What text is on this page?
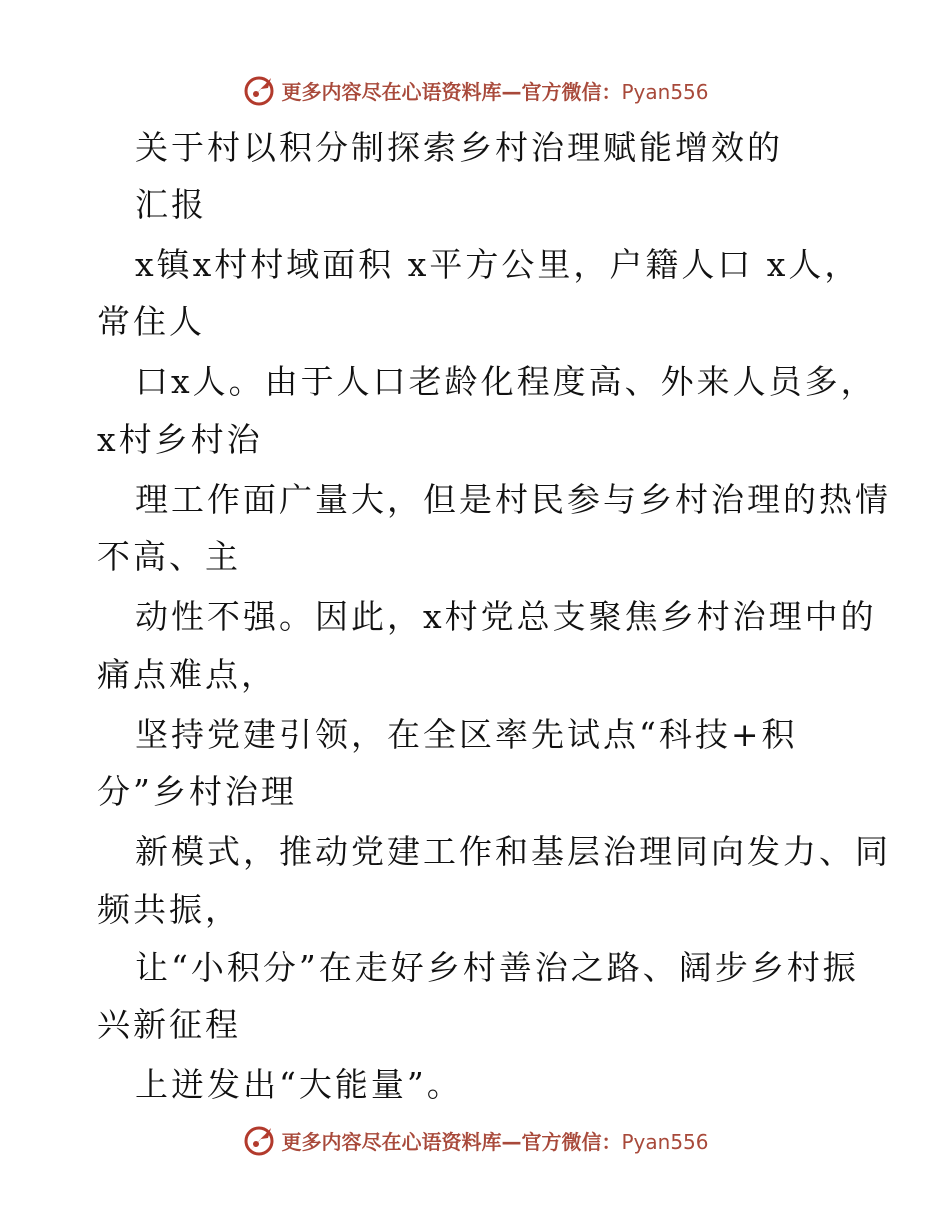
更多内容尽在心语资料库—官方微信：Pyan556
关于村以积分制探索乡村治理赋能增效的
汇报
x镇x村村域面积 x平方公里，户籍人口 x人，
常住人
口x人。由于人口老龄化程度高、外来人员多，
x村乡村治
理工作面广量大，但是村民参与乡村治理的热情
不高、主
动性不强。因此，x村党总支聚焦乡村治理中的
痛点难点，
坚持党建引领，在全区率先试点“科技+积
分”乡村治理
新模式，推动党建工作和基层治理同向发力、同
频共振，
让“小积分”在走好乡村善治之路、阔步乡村振
兴新征程
上迸发出“大能量”。
更多内容尽在心语资料库—官方微信：Pyan556
